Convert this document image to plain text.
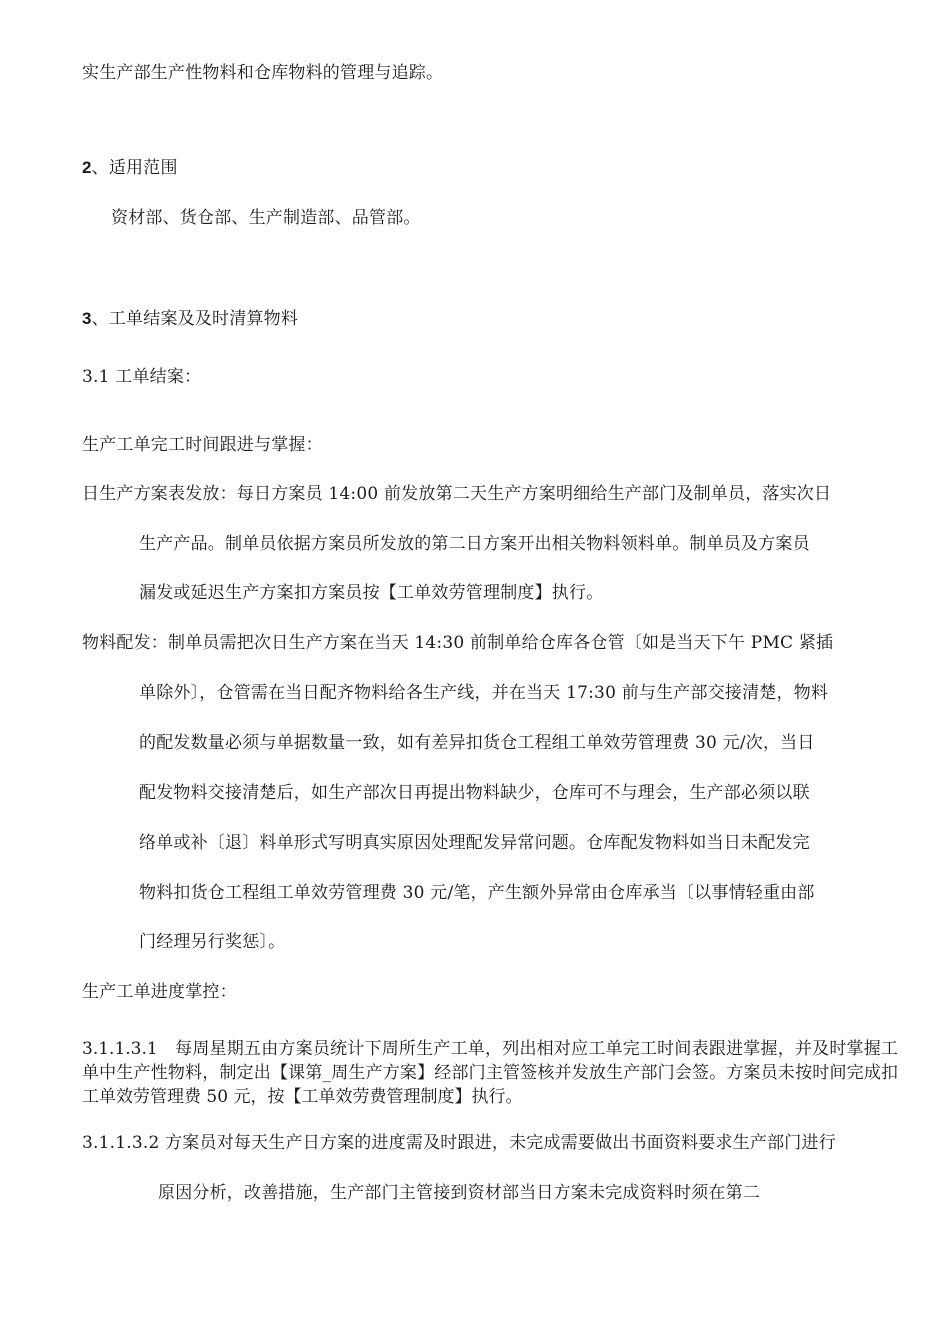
实生产部生产性物料和仓库物料的管理与追踪。
2、适用范围
资材部、货仓部、生产制造部、品管部。
3、工单结案及及时清算物料
3.1 工单结案：
生产工单完工时间跟进与掌握：
日生产方案表发放：每日方案员 14:00 前发放第二天生产方案明细给生产部门及制单员，落实次日
生产产品。制单员依据方案员所发放的第二日方案开出相关物料领料单。制单员及方案员
漏发或延迟生产方案扣方案员按【工单效劳管理制度】执行。
物料配发：制单员需把次日生产方案在当天 14:30 前制单给仓库各仓管〔如是当天下午 PMC 紧插
单除外〕，仓管需在当日配齐物料给各生产线，并在当天 17:30 前与生产部交接清楚，物料
的配发数量必须与单据数量一致，如有差异扣货仓工程组工单效劳管理费 30 元/次，当日
配发物料交接清楚后，如生产部次日再提出物料缺少，仓库可不与理会，生产部必须以联
络单或补〔退〕料单形式写明真实原因处理配发异常问题。仓库配发物料如当日未配发完
物料扣货仓工程组工单效劳管理费 30 元/笔，产生额外异常由仓库承当〔以事情轻重由部
门经理另行奖惩〕。
生产工单进度掌控：
3.1.1.3.1　每周星期五由方案员统计下周所生产工单，列出相对应工单完工时间表跟进掌握，并及时掌握工单中生产性物料，制定出【课第_周生产方案】经部门主管签核并发放生产部门会签。方案员未按时间完成扣工单效劳管理费 50 元，按【工单效劳费管理制度】执行。
3.1.1.3.2 方案员对每天生产日方案的进度需及时跟进，未完成需要做出书面资料要求生产部门进行
原因分析，改善措施，生产部门主管接到资材部当日方案未完成资料时须在第二
